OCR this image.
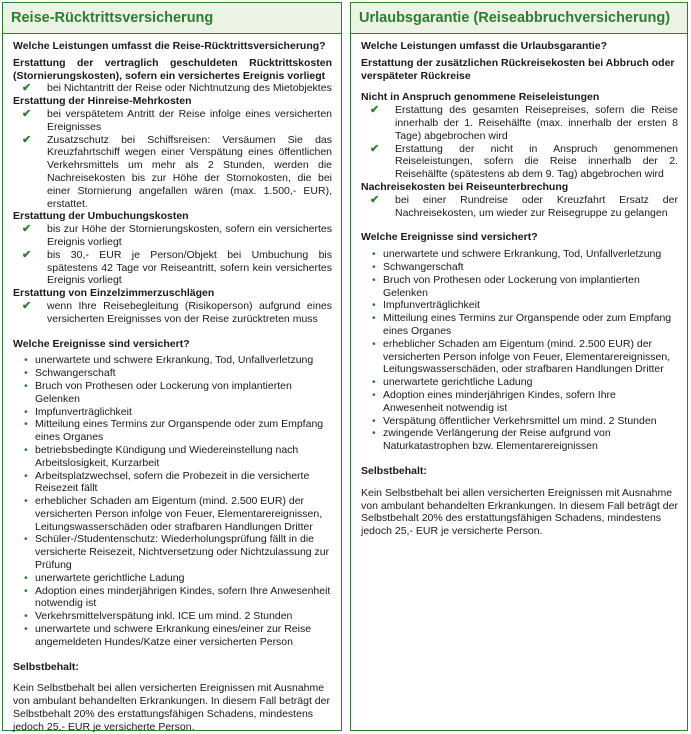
Reise-Rücktrittsversicherung
Welche Leistungen umfasst die Reise-Rücktrittsversicherung?
Erstattung der vertraglich geschuldeten Rücktrittskosten (Stornierungskosten), sofern ein versichertes Ereignis vorliegt
✔	bei Nichtantritt der Reise oder Nichtnutzung des Mietobjektes
Erstattung der Hinreise-Mehrkosten
✔	bei verspätetem Antritt der Reise infolge eines versicherten Ereignisses
✔	Zusatzschutz bei Schiffsreisen: Versäumen Sie das Kreuzfahrtschiff wegen einer Verspätung eines öffentlichen Verkehrsmittels um mehr als 2 Stunden, werden die Nachreisekosten bis zur Höhe der Stornokosten, die bei einer Stornierung angefallen wären (max. 1.500,- EUR), erstattet.
Erstattung der Umbuchungskosten
✔	bis zur Höhe der Stornierungskosten, sofern ein versichertes Ereignis vorliegt
✔	bis 30,- EUR je Person/Objekt bei Umbuchung bis spätestens 42 Tage vor Reiseantritt, sofern kein versichertes Ereignis vorliegt
Erstattung von Einzelzimmerzuschlägen
✔	wenn Ihre Reisebegleitung (Risikoperson) aufgrund eines versicherten Ereignisses von der Reise zurücktreten muss
Welche Ereignisse sind versichert?
• unerwartete und schwere Erkrankung, Tod, Unfallverletzung
• Schwangerschaft
• Bruch von Prothesen oder Lockerung von implantierten Gelenken
• Impfunverträglichkeit
• Mitteilung eines Termins zur Organspende oder zum Empfang eines Organes
• betriebsbedingte Kündigung und Wiedereinstellung nach Arbeitslosigkeit, Kurzarbeit
• Arbeitsplatzwechsel, sofern die Probezeit in die versicherte Reisezeit fällt
• erheblicher Schaden am Eigentum (mind. 2.500 EUR) der versicherten Person infolge von Feuer, Elementarereignissen, Leitungswasserschäden oder strafbaren Handlungen Dritter
• Schüler-/Studentenschutz: Wiederholungsprüfung fällt in die versicherte Reisezeit, Nichtversetzung oder Nichtzulassung zur Prüfung
• unerwartete gerichtliche Ladung
• Adoption eines minderjährigen Kindes, sofern Ihre Anwesenheit notwendig ist
• Verkehrsmittelverspätung inkl. ICE um mind. 2 Stunden
• unerwartete und schwere Erkrankung eines/einer zur Reise angemeldeten Hundes/Katze einer versicherten Person
Selbstbehalt:
Kein Selbstbehalt bei allen versicherten Ereignissen mit Ausnahme von ambulant behandelten Erkrankungen. In diesem Fall beträgt der Selbstbehalt 20% des erstattungsfähigen Schadens, mindestens jedoch 25,- EUR je versicherte Person.
Urlaubsgarantie (Reiseabbruchversicherung)
Welche Leistungen umfasst die Urlaubsgarantie?
Erstattung der zusätzlichen Rückreisekosten bei Abbruch oder verspäteter Rückreise
Nicht in Anspruch genommene Reiseleistungen
✔	Erstattung des gesamten Reisepreises, sofern die Reise innerhalb der 1. Reisehälfte (max. innerhalb der ersten 8 Tage) abgebrochen wird
✔	Erstattung der nicht in Anspruch genommenen Reiseleistungen, sofern die Reise innerhalb der 2. Reisehälfte (spätestens ab dem 9. Tag) abgebrochen wird
Nachreisekosten bei Reiseunterbrechung
✔	bei einer Rundreise oder Kreuzfahrt Ersatz der Nachreisekosten, um wieder zur Reisegruppe zu gelangen
Welche Ereignisse sind versichert?
• unerwartete und schwere Erkrankung, Tod, Unfallverletzung
• Schwangerschaft
• Bruch von Prothesen oder Lockerung von implantierten Gelenken
• Impfunverträglichkeit
• Mitteilung eines Termins zur Organspende oder zum Empfang eines Organes
• erheblicher Schaden am Eigentum (mind. 2.500 EUR) der versicherten Person infolge von Feuer, Elementarereignissen, Leitungswasserschäden, oder strafbaren Handlungen Dritter
• unerwartete gerichtliche Ladung
• Adoption eines minderjährigen Kindes, sofern Ihre Anwesenheit notwendig ist
• Verspätung öffentlicher Verkehrsmittel um mind. 2 Stunden
• zwingende Verlängerung der Reise aufgrund von Naturkatastrophen bzw. Elementarereignissen
Selbstbehalt:
Kein Selbstbehalt bei allen versicherten Ereignissen mit Ausnahme von ambulant behandelten Erkrankungen. In diesem Fall beträgt der Selbstbehalt 20% des erstattungsfähigen Schadens, mindestens jedoch 25,- EUR je versicherte Person.
